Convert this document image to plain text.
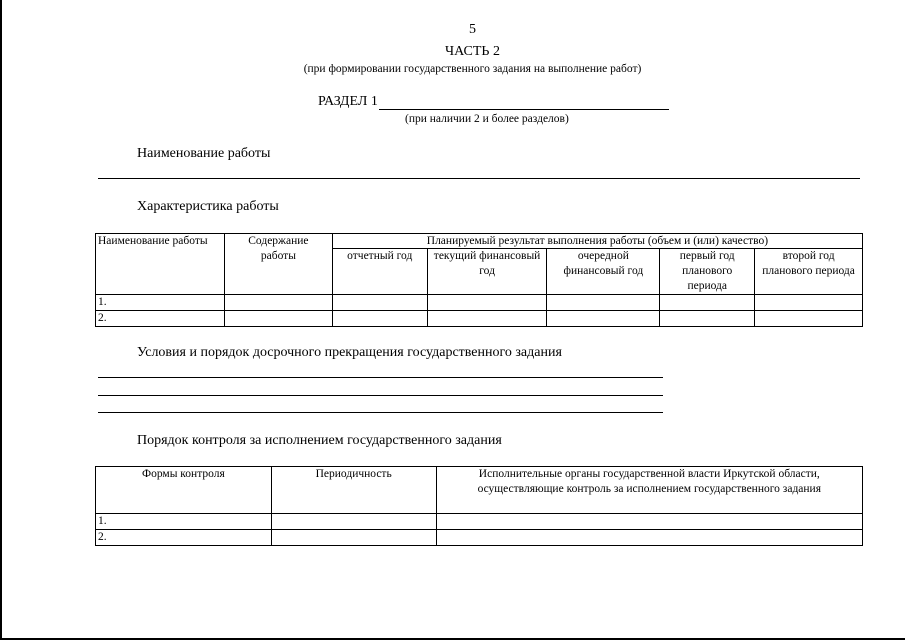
5
ЧАСТЬ 2
(при формировании государственного задания на выполнение работ)
РАЗДЕЛ 1
(при наличии 2 и более разделов)
Наименование работы
Характеристика работы
Наименование работы	Содержание работы	Планируемый результат выполнения работы (объем и (или) качество)				
		отчетный год	текущий финансовый год	очередной финансовый год	первый год планового периода	второй год планового периода
1.						
2.						
Условия и порядок досрочного прекращения государственного задания
Порядок контроля за исполнением государственного задания
Формы контроля	Периодичность	Исполнительные органы государственной власти Иркутской области, осуществляющие контроль за исполнением государственного задания
1.		
2.		
